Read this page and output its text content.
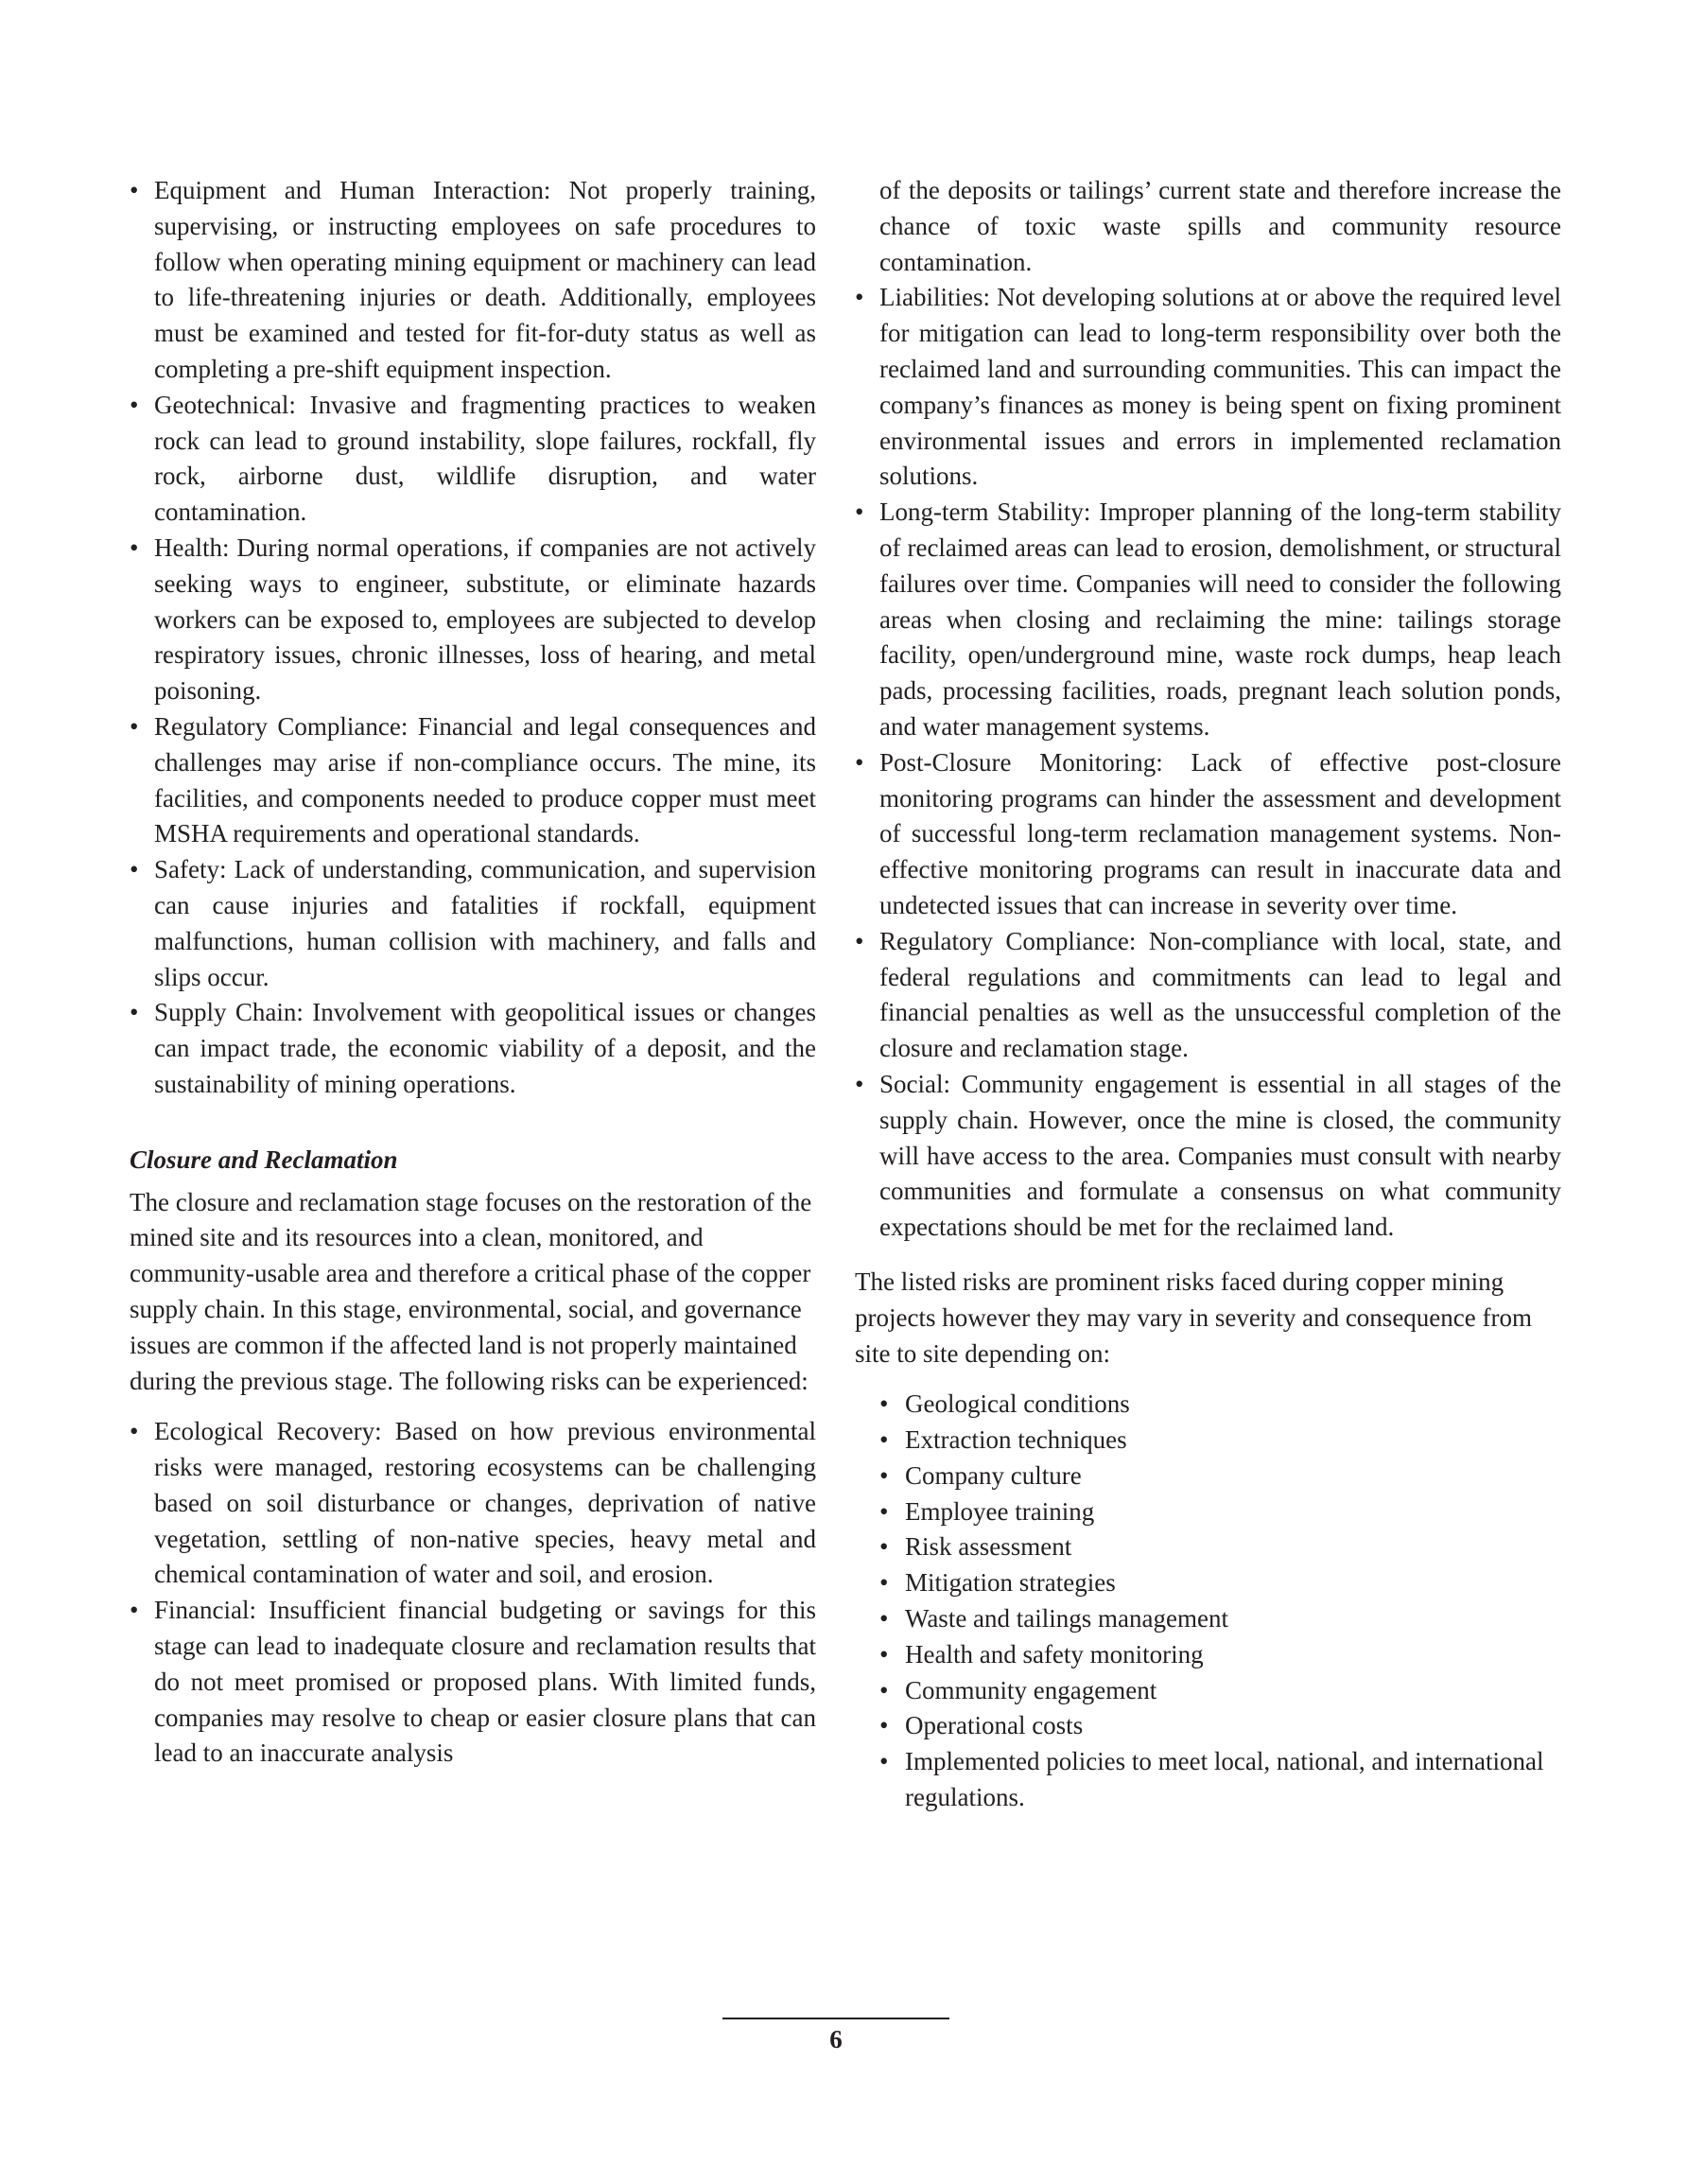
• Equipment and Human Interaction: Not properly training, supervising, or instructing employees on safe procedures to follow when operating mining equipment or machinery can lead to life-threatening injuries or death. Additionally, employees must be examined and tested for fit-for-duty status as well as completing a pre-shift equipment inspection.
• Geotechnical: Invasive and fragmenting practices to weaken rock can lead to ground instability, slope failures, rockfall, fly rock, airborne dust, wildlife disruption, and water contamination.
• Health: During normal operations, if companies are not actively seeking ways to engineer, substitute, or eliminate hazards workers can be exposed to, employees are subjected to develop respiratory issues, chronic illnesses, loss of hearing, and metal poisoning.
• Regulatory Compliance: Financial and legal consequences and challenges may arise if non-compliance occurs. The mine, its facilities, and components needed to produce copper must meet MSHA requirements and operational standards.
• Safety: Lack of understanding, communication, and supervision can cause injuries and fatalities if rockfall, equipment malfunctions, human collision with machinery, and falls and slips occur.
• Supply Chain: Involvement with geopolitical issues or changes can impact trade, the economic viability of a deposit, and the sustainability of mining operations.
Closure and Reclamation

The closure and reclamation stage focuses on the restoration of the mined site and its resources into a clean, monitored, and community-usable area and therefore a critical phase of the copper supply chain. In this stage, environmental, social, and governance issues are common if the affected land is not properly maintained during the previous stage. The following risks can be experienced:

• Ecological Recovery: Based on how previous environmental risks were managed, restoring ecosystems can be challenging based on soil disturbance or changes, deprivation of native vegetation, settling of non-native species, heavy metal and chemical contamination of water and soil, and erosion.
• Financial: Insufficient financial budgeting or savings for this stage can lead to inadequate closure and reclamation results that do not meet promised or proposed plans. With limited funds, companies may resolve to cheap or easier closure plans that can lead to an inaccurate analysis
of the deposits or tailings’ current state and therefore increase the chance of toxic waste spills and community resource contamination.
• Liabilities: Not developing solutions at or above the required level for mitigation can lead to long-term responsibility over both the reclaimed land and surrounding communities. This can impact the company’s finances as money is being spent on fixing prominent environmental issues and errors in implemented reclamation solutions.
• Long-term Stability: Improper planning of the long-term stability of reclaimed areas can lead to erosion, demolishment, or structural failures over time. Companies will need to consider the following areas when closing and reclaiming the mine: tailings storage facility, open/underground mine, waste rock dumps, heap leach pads, processing facilities, roads, pregnant leach solution ponds, and water management systems.
• Post-Closure Monitoring: Lack of effective post-closure monitoring programs can hinder the assessment and development of successful long-term reclamation management systems. Non-effective monitoring programs can result in inaccurate data and undetected issues that can increase in severity over time.
• Regulatory Compliance: Non-compliance with local, state, and federal regulations and commitments can lead to legal and financial penalties as well as the unsuccessful completion of the closure and reclamation stage.
• Social: Community engagement is essential in all stages of the supply chain. However, once the mine is closed, the community will have access to the area. Companies must consult with nearby communities and formulate a consensus on what community expectations should be met for the reclaimed land.

The listed risks are prominent risks faced during copper mining projects however they may vary in severity and consequence from site to site depending on:

• Geological conditions
• Extraction techniques
• Company culture
• Employee training
• Risk assessment
• Mitigation strategies
• Waste and tailings management
• Health and safety monitoring
• Community engagement
• Operational costs
• Implemented policies to meet local, national, and international regulations.
6
